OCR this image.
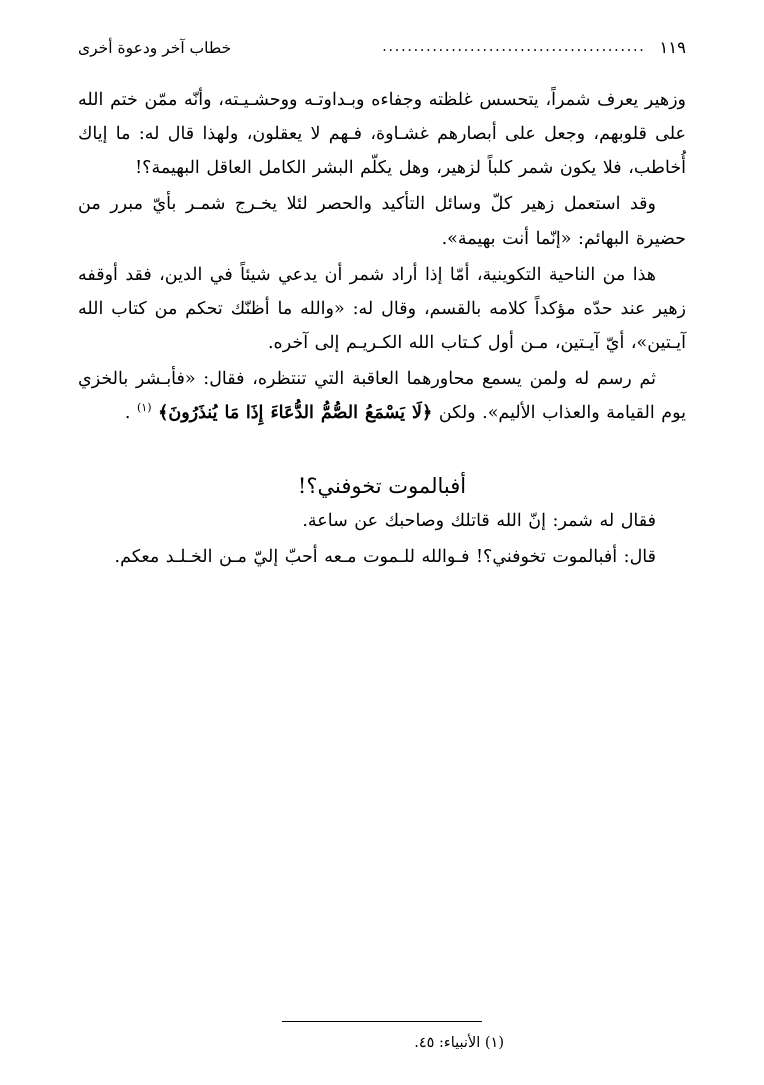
خطاب آخر ودعوة أخرى	.......................................... ١١٩

وزهير يعرف شمراً، يتحسس غلظته وجفاءه وبـداوتـه ووحشـيـته، وأنّه ممّن ختم الله على قلوبهم، وجعل على أبصارهم غشـاوة، فـهم لا يعقلون، ولهذا قال له: ما إياك أُخاطب، فلا يكون شمر كلباً لزهير، وهل يكلّم البشر الكامل العاقل البهيمة؟!

وقد استعمل زهير كلّ وسائل التأكيد والحصر لئلا يخـرج شمـر بأيّ مبرر من حضيرة البهائم: «إنّما أنت بهيمة».

هذا من الناحية التكوينية، أمّا إذا أراد شمر أن يدعي شيئاً في الدين، فقد أوقفه زهير عند حدّه مؤكداً كلامه بالقسم، وقال له: «والله ما أظنّك تحكم من كتاب الله آيـتين»، أيّ آيـتين، مـن أول كـتاب الله الكـريـم إلى آخره.

ثم رسم له ولمن يسمع محاورهما العاقبة التي تنتظره، فقال: «فأبـشر بالخزي يوم القيامة والعذاب الأليم». ولكن ﴿لَا يَسْمَعُ الصُّمُّ الدُّعَاءَ إِذَا مَا يُنذَرُونَ﴾ $^{(١)}$ .

أفبالموت تخوفني؟!

فقال له شمر: إنّ الله قاتلك وصاحبك عن ساعة.

قال: أفبالموت تخوفني؟! فـوالله للـموت مـعه أحبّ إليّ مـن الخـلـد معكم.

(١) الأنبياء: ٤٥.
